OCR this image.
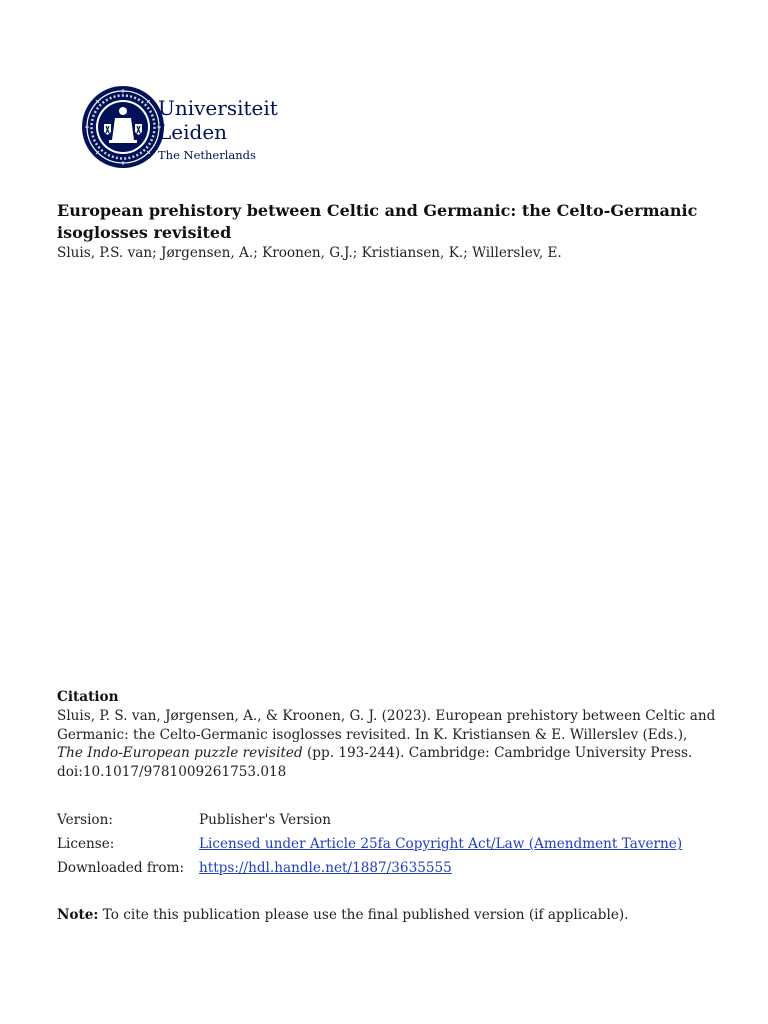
Universiteit
Leiden
The Netherlands
European prehistory between Celtic and Germanic: the Celto-Germanic isoglosses revisited

Sluis, P.S. van; Jørgensen, A.; Kroonen, G.J.; Kristiansen, K.; Willerslev, E.

Citation

Sluis, P. S. van, Jørgensen, A., & Kroonen, G. J. (2023). European prehistory between Celtic and Germanic: the Celto-Germanic isoglosses revisited. In K. Kristiansen & E. Willerslev (Eds.), The Indo-European puzzle revisited (pp. 193-244). Cambridge: Cambridge University Press. doi:10.1017/9781009261753.018

Version:	Publisher's Version
License:	Licensed under Article 25fa Copyright Act/Law (Amendment Taverne)
Downloaded from: https://hdl.handle.net/1887/3635555
Note: To cite this publication please use the final published version (if applicable).
